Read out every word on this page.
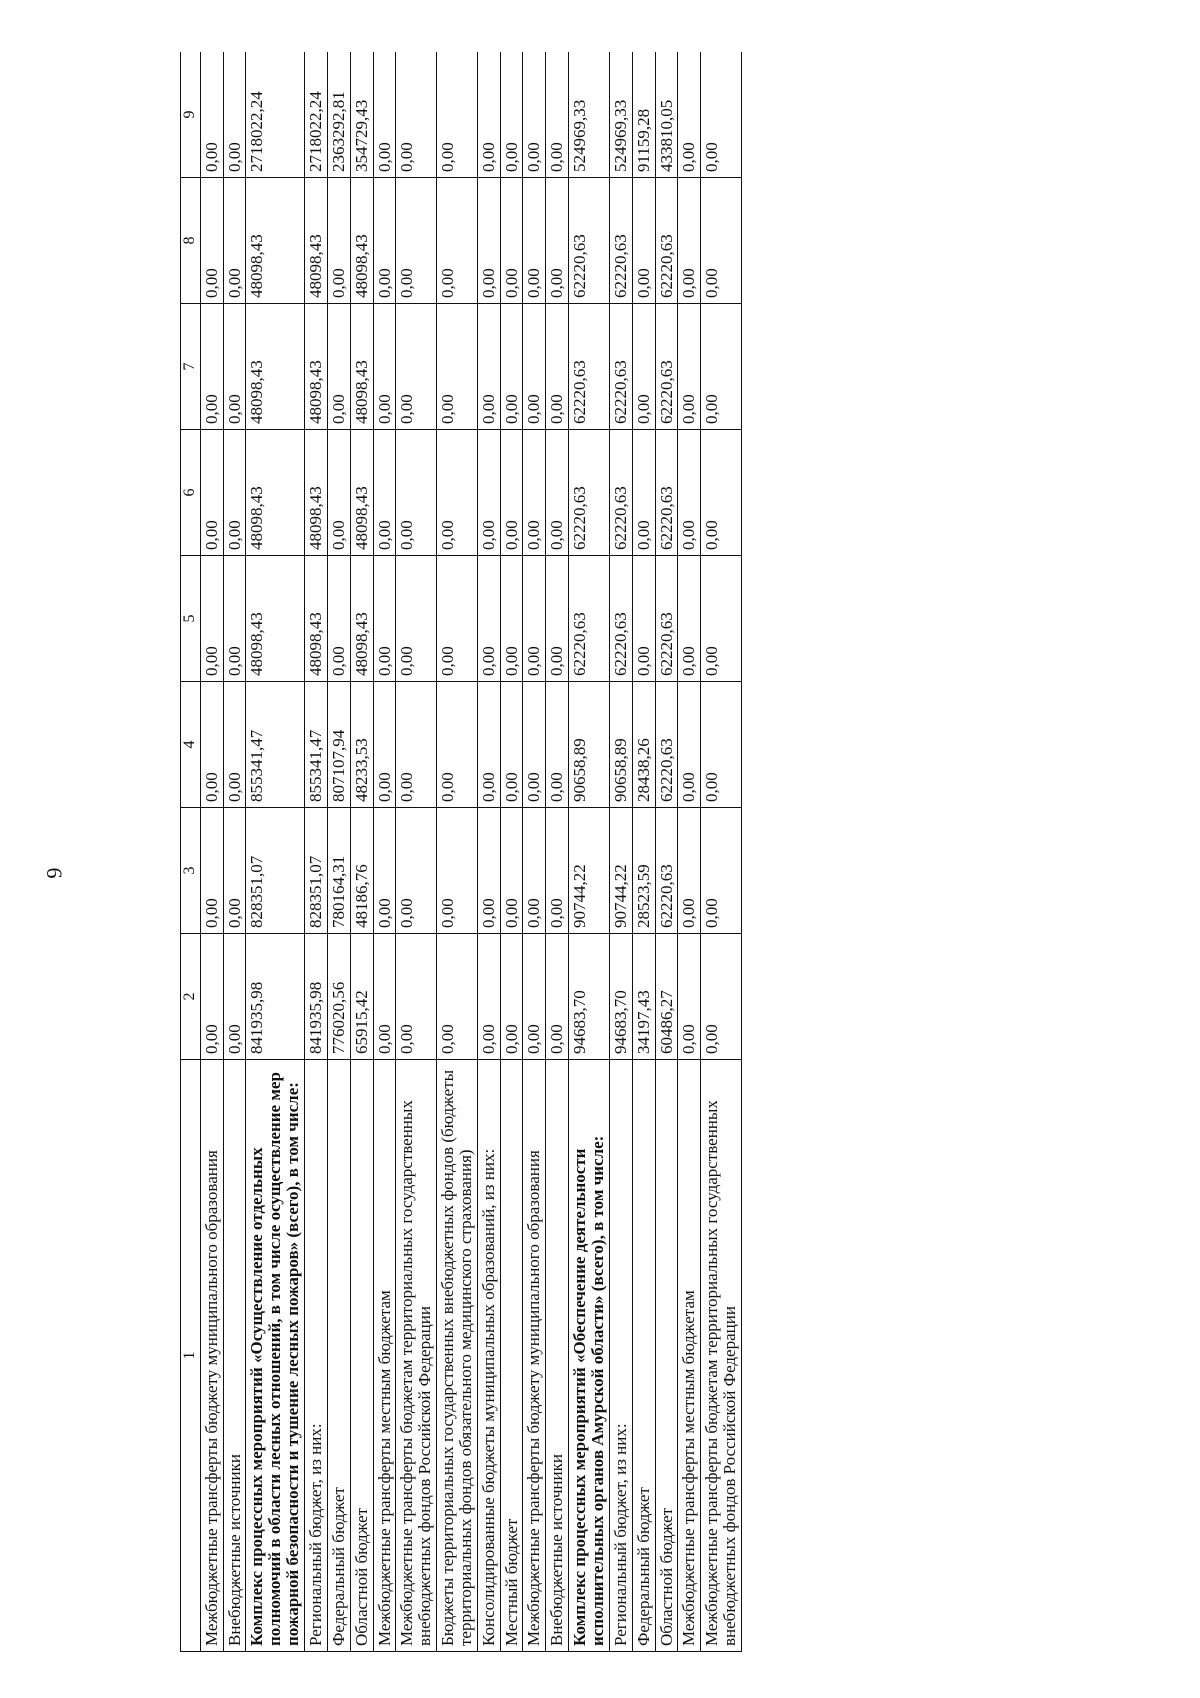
6
1	2	3	4	5	6	7	8	9
Межбюджетные трансферты бюджету муниципального образования	0,00	0,00	0,00	0,00	0,00	0,00	0,00	0,00
Внебюджетные источники	0,00	0,00	0,00	0,00	0,00	0,00	0,00	0,00
Комплекс процессных мероприятий «Осуществление отдельных полномочий в области лесных отношений, в том числе осуществление мер пожарной безопасности и тушение лесных пожаров» (всего), в том числе:	841935,98	828351,07	855341,47	48098,43	48098,43	48098,43	48098,43	2718022,24
Региональный бюджет, из них:	841935,98	828351,07	855341,47	48098,43	48098,43	48098,43	48098,43	2718022,24
Федеральный бюджет	776020,56	780164,31	807107,94	0,00	0,00	0,00	0,00	2363292,81
Областной бюджет	65915,42	48186,76	48233,53	48098,43	48098,43	48098,43	48098,43	354729,43
Межбюджетные трансферты местным бюджетам	0,00	0,00	0,00	0,00	0,00	0,00	0,00	0,00
Межбюджетные трансферты бюджетам территориальных государственных внебюджетных фондов Российской Федерации	0,00	0,00	0,00	0,00	0,00	0,00	0,00	0,00
Бюджеты территориальных государственных внебюджетных фондов (бюджеты территориальных фондов обязательного медицинского страхования)	0,00	0,00	0,00	0,00	0,00	0,00	0,00	0,00
Консолидированные бюджеты муниципальных образований, из них:	0,00	0,00	0,00	0,00	0,00	0,00	0,00	0,00
Местный бюджет	0,00	0,00	0,00	0,00	0,00	0,00	0,00	0,00
Межбюджетные трансферты бюджету муниципального образования	0,00	0,00	0,00	0,00	0,00	0,00	0,00	0,00
Внебюджетные источники	0,00	0,00	0,00	0,00	0,00	0,00	0,00	0,00
Комплекс процессных мероприятий «Обеспечение деятельности исполнительных органов Амурской области» (всего), в том числе:	94683,70	90744,22	90658,89	62220,63	62220,63	62220,63	62220,63	524969,33
Региональный бюджет, из них:	94683,70	90744,22	90658,89	62220,63	62220,63	62220,63	62220,63	524969,33
Федеральный бюджет	34197,43	28523,59	28438,26	0,00	0,00	0,00	0,00	91159,28
Областной бюджет	60486,27	62220,63	62220,63	62220,63	62220,63	62220,63	62220,63	433810,05
Межбюджетные трансферты местным бюджетам	0,00	0,00	0,00	0,00	0,00	0,00	0,00	0,00
Межбюджетные трансферты бюджетам территориальных государственных внебюджетных фондов Российской Федерации	0,00	0,00	0,00	0,00	0,00	0,00	0,00	0,00
